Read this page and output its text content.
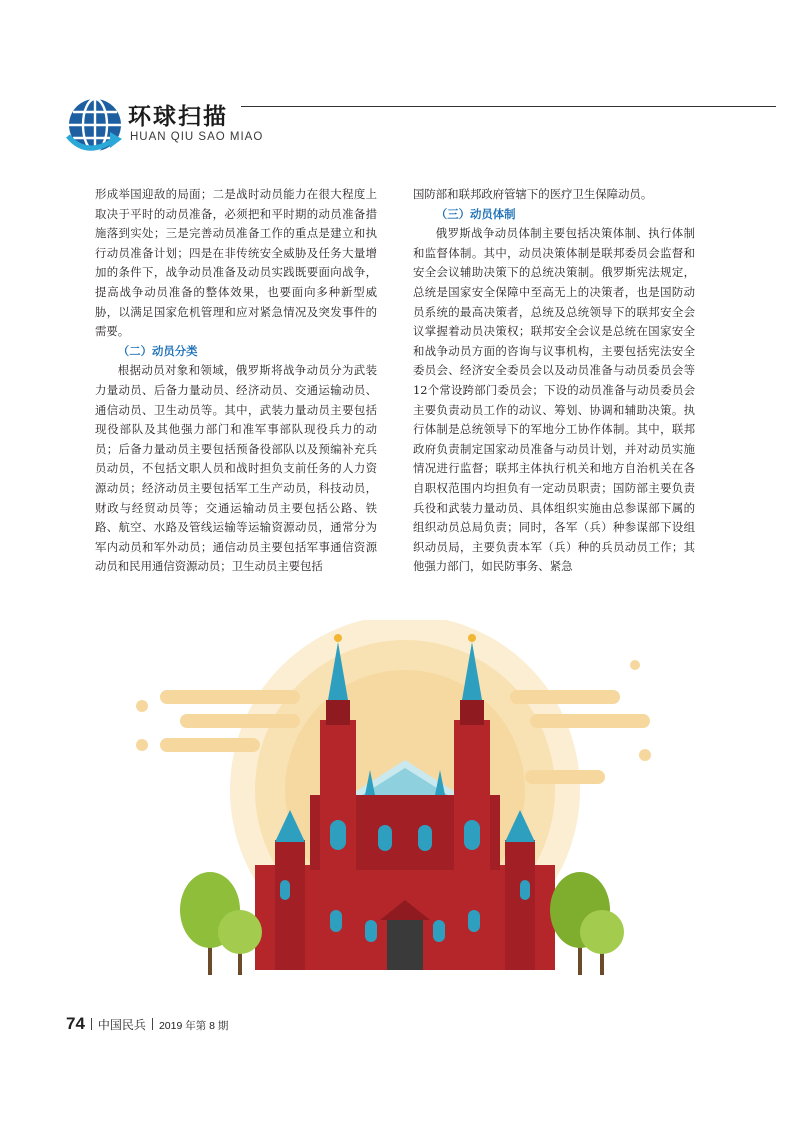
环球扫描
HUAN QIU SAO MIAO

形成举国迎敌的局面；二是战时动员能力在很大程度上取决于平时的动员准备，必须把和平时期的动员准备措施落到实处；三是完善动员准备工作的重点是建立和执行动员准备计划；四是在非传统安全威胁及任务大量增加的条件下，战争动员准备及动员实践既要面向战争，提高战争动员准备的整体效果，也要面向多种新型威胁，以满足国家危机管理和应对紧急情况及突发事件的需要。

（二）动员分类

根据动员对象和领域，俄罗斯将战争动员分为武装力量动员、后备力量动员、经济动员、交通运输动员、通信动员、卫生动员等。其中，武装力量动员主要包括现役部队及其他强力部门和准军事部队现役兵力的动员；后备力量动员主要包括预备役部队以及预编补充兵员动员，不包括文职人员和战时担负支前任务的人力资源动员；经济动员主要包括军工生产动员，科技动员，财政与经贸动员等；交通运输动员主要包括公路、铁路、航空、水路及管线运输等运输资源动员，通常分为军内动员和军外动员；通信动员主要包括军事通信资源动员和民用通信资源动员；卫生动员主要包括

国防部和联邦政府管辖下的医疗卫生保障动员。

（三）动员体制

俄罗斯战争动员体制主要包括决策体制、执行体制和监督体制。其中，动员决策体制是联邦委员会监督和安全会议辅助决策下的总统决策制。俄罗斯宪法规定，总统是国家安全保障中至高无上的决策者，也是国防动员系统的最高决策者，总统及总统领导下的联邦安全会议掌握着动员决策权；联邦安全会议是总统在国家安全和战争动员方面的咨询与议事机构，主要包括宪法安全委员会、经济安全委员会以及动员准备与动员委员会等12个常设跨部门委员会；下设的动员准备与动员委员会主要负责动员工作的动议、筹划、协调和辅助决策。执行体制是总统领导下的军地分工协作体制。其中，联邦政府负责制定国家动员准备与动员计划，并对动员实施情况进行监督；联邦主体执行机关和地方自治机关在各自职权范围内均担负有一定动员职责；国防部主要负责兵役和武装力量动员、具体组织实施由总参谋部下属的组织动员总局负责；同时，各军（兵）种参谋部下设组织动员局，主要负责本军（兵）种的兵员动员工作；其他强力部门，如民防事务、紧急

74 中国民兵 2019 年第 8 期
